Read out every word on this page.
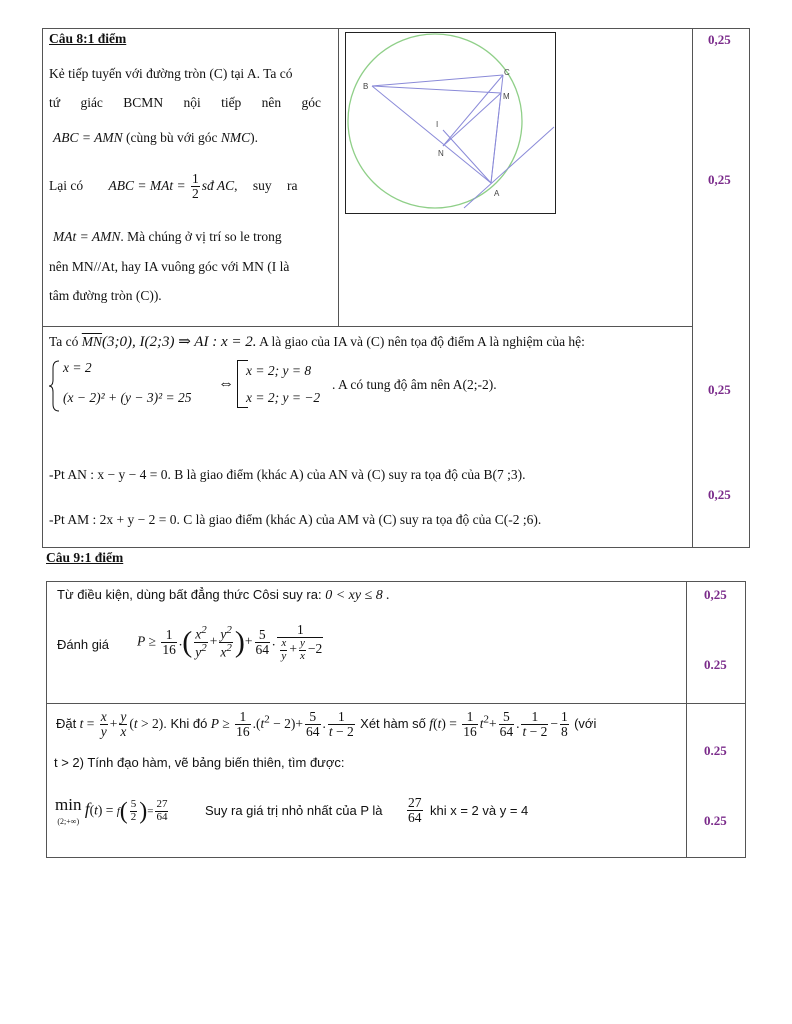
Câu 8:1 điểm
Kẻ tiếp tuyến với đường tròn (C) tại A. Ta có
tứ giác BCMN nội tiếp nên góc
ABC = AMN (cùng bù với góc NMC).
Lại có ABC = MAt = $\frac{1}{2}$ sđ AC, suy ra
MAt = AMN. Mà chúng ở vị trí so le trong
nên MN//At, hay IA vuông góc với MN (I là
tâm đường tròn (C)).
B
C
M
I
N
A
Ta có $\overline{MN}(3;0)$, I(2;3) ⇒ AI : x = 2. A là giao của IA và (C) nên tọa độ điểm A là nghiệm của hệ:
x = 2
(x − 2)² + (y − 3)² = 25
⇔
x = 2; y = 8
x = 2; y = −2
. A có tung độ âm nên A(2;-2).
-Pt AN : x − y − 4 = 0. B là giao điểm (khác A) của AN và (C) suy ra tọa độ của B(7 ;3).
-Pt AM : 2x + y − 2 = 0. C là giao điểm (khác A) của AM và (C) suy ra tọa độ của C(-2 ;6).
0,25
0,25
0,25
0,25
Câu 9:1 điểm
Từ điều kiện, dùng bất đẳng thức Côsi suy ra: 0 < xy ≤ 8 .
Đánh giá $P \ge \frac{1}{16}$ .( $\frac{x^2}{y^2} + \frac{y^2}{x^2}$ )+ $\frac{5}{64}$ . $\frac{1}{\frac{x}{y} + \frac{y}{x} -2}$
Đặt $t = \frac{x}{y} + \frac{y}{x} (t > 2)$. Khi đó $P \ge \frac{1}{16} .(t^2 - 2)+ \frac{5}{64}$ . $\frac{1}{t - 2}$ Xét hàm số $f(t) = \frac{1}{16} t^2+ \frac{5}{64}$ . $\frac{1}{t - 2} - \frac{1}{8}$ (với
t > 2) Tính đạo hàm, vẽ bảng biến thiên, tìm được:
min
(2;+∞) $f(t) = f( \frac{5}{2}$ )= $\frac{27}{64}$	Suy ra giá trị nhỏ nhất của P là $\frac{27}{64}$ khi x = 2 và y = 4
0,25
0.25
0.25
0.25
